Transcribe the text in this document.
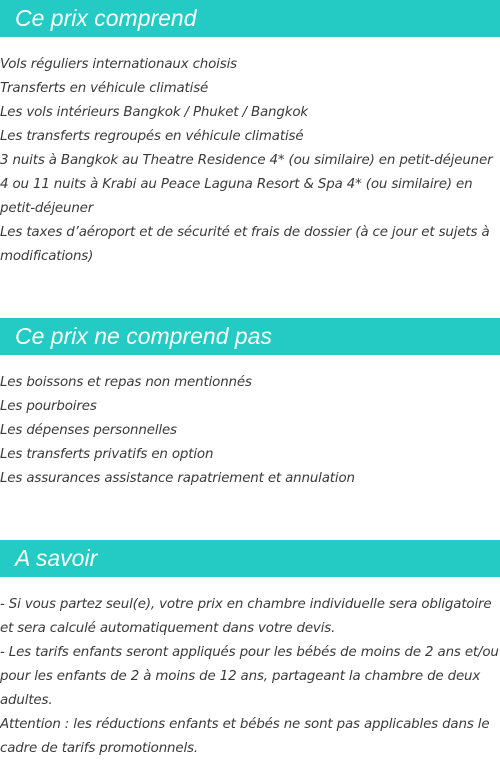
Ce prix comprend
Vols réguliers internationaux choisis
Transferts en véhicule climatisé
Les vols intérieurs Bangkok / Phuket / Bangkok
Les transferts regroupés en véhicule climatisé
3 nuits à Bangkok au Theatre Residence 4* (ou similaire) en petit-déjeuner
4 ou 11 nuits à Krabi au Peace Laguna Resort & Spa 4* (ou similaire) en petit-déjeuner
Les taxes d’aéroport et de sécurité et frais de dossier (à ce jour et sujets à modifications)
Ce prix ne comprend pas
Les boissons et repas non mentionnés
Les pourboires
Les dépenses personnelles
Les transferts privatifs en option
Les assurances assistance rapatriement et annulation
A savoir
- Si vous partez seul(e), votre prix en chambre individuelle sera obligatoire et sera calculé automatiquement dans votre devis.
- Les tarifs enfants seront appliqués pour les bébés de moins de 2 ans et/ou pour les enfants de 2 à moins de 12 ans, partageant la chambre de deux adultes.
Attention : les réductions enfants et bébés ne sont pas applicables dans le cadre de tarifs promotionnels.
